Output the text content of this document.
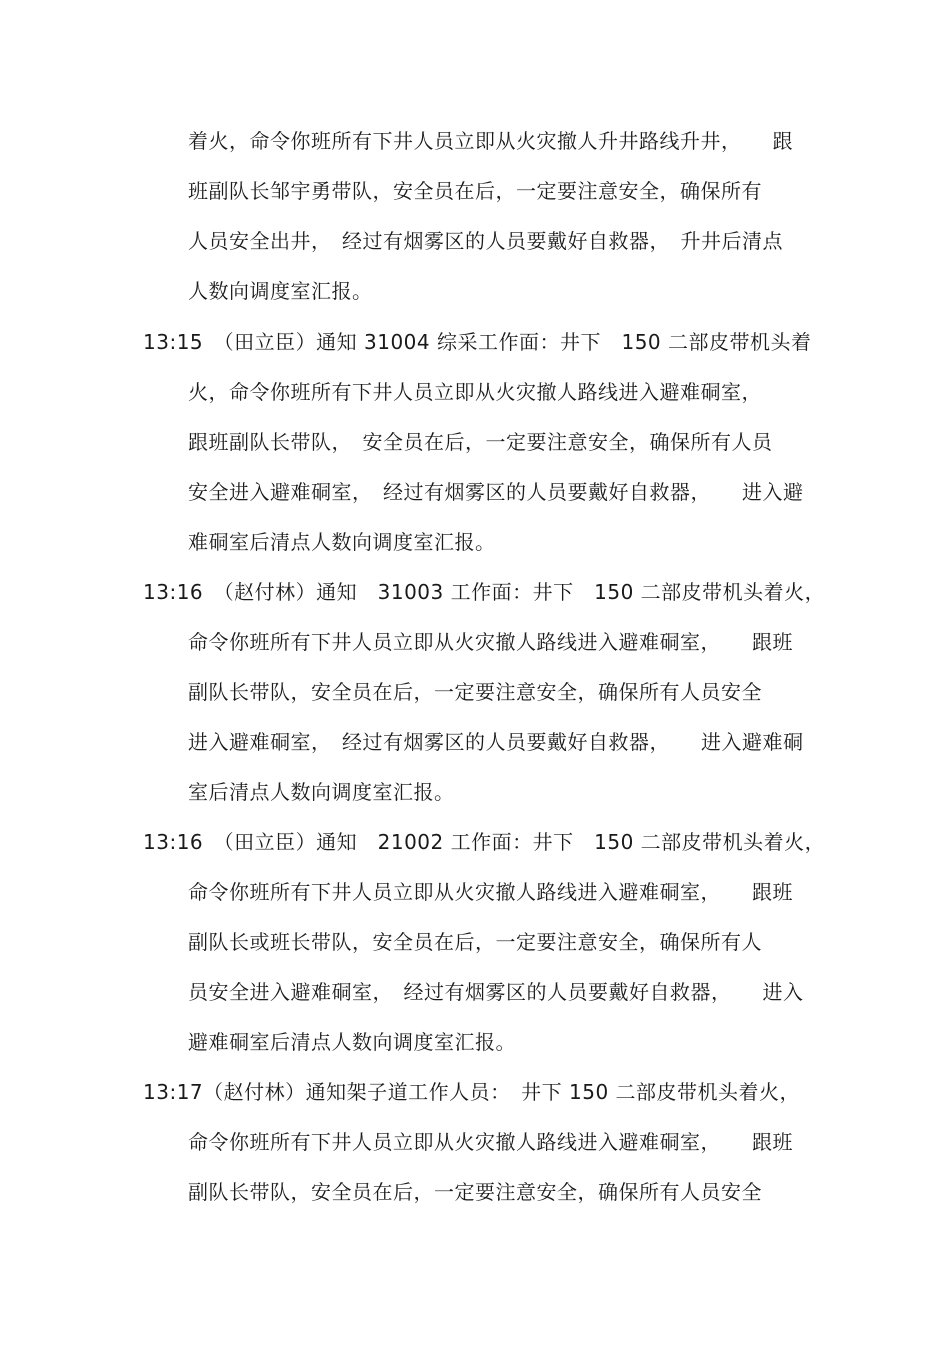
着火，命令你班所有下井人员立即从火灾撤人升井路线升井，　　跟
班副队长邹宇勇带队，安全员在后，一定要注意安全，确保所有
人员安全出井，　经过有烟雾区的人员要戴好自救器，　升井后清点
人数向调度室汇报。
13:15　（田立臣）通知 31004 综采工作面：井下　150 二部皮带机头着
火，命令你班所有下井人员立即从火灾撤人路线进入避难硐室，
跟班副队长带队，　安全员在后，一定要注意安全，确保所有人员
安全进入避难硐室，　经过有烟雾区的人员要戴好自救器，　　进入避
难硐室后清点人数向调度室汇报。
13:16　（赵付林）通知　31003 工作面：井下　150 二部皮带机头着火，
命令你班所有下井人员立即从火灾撤人路线进入避难硐室，　　跟班
副队长带队，安全员在后，一定要注意安全，确保所有人员安全
进入避难硐室，　经过有烟雾区的人员要戴好自救器，　　进入避难硐
室后清点人数向调度室汇报。
13:16　（田立臣）通知　21002 工作面：井下　150 二部皮带机头着火，
命令你班所有下井人员立即从火灾撤人路线进入避难硐室，　　跟班
副队长或班长带队，安全员在后，一定要注意安全，确保所有人
员安全进入避难硐室，　经过有烟雾区的人员要戴好自救器，　　进入
避难硐室后清点人数向调度室汇报。
13:17（赵付林）通知架子道工作人员：　井下 150 二部皮带机头着火，
命令你班所有下井人员立即从火灾撤人路线进入避难硐室，　　跟班
副队长带队，安全员在后，一定要注意安全，确保所有人员安全
